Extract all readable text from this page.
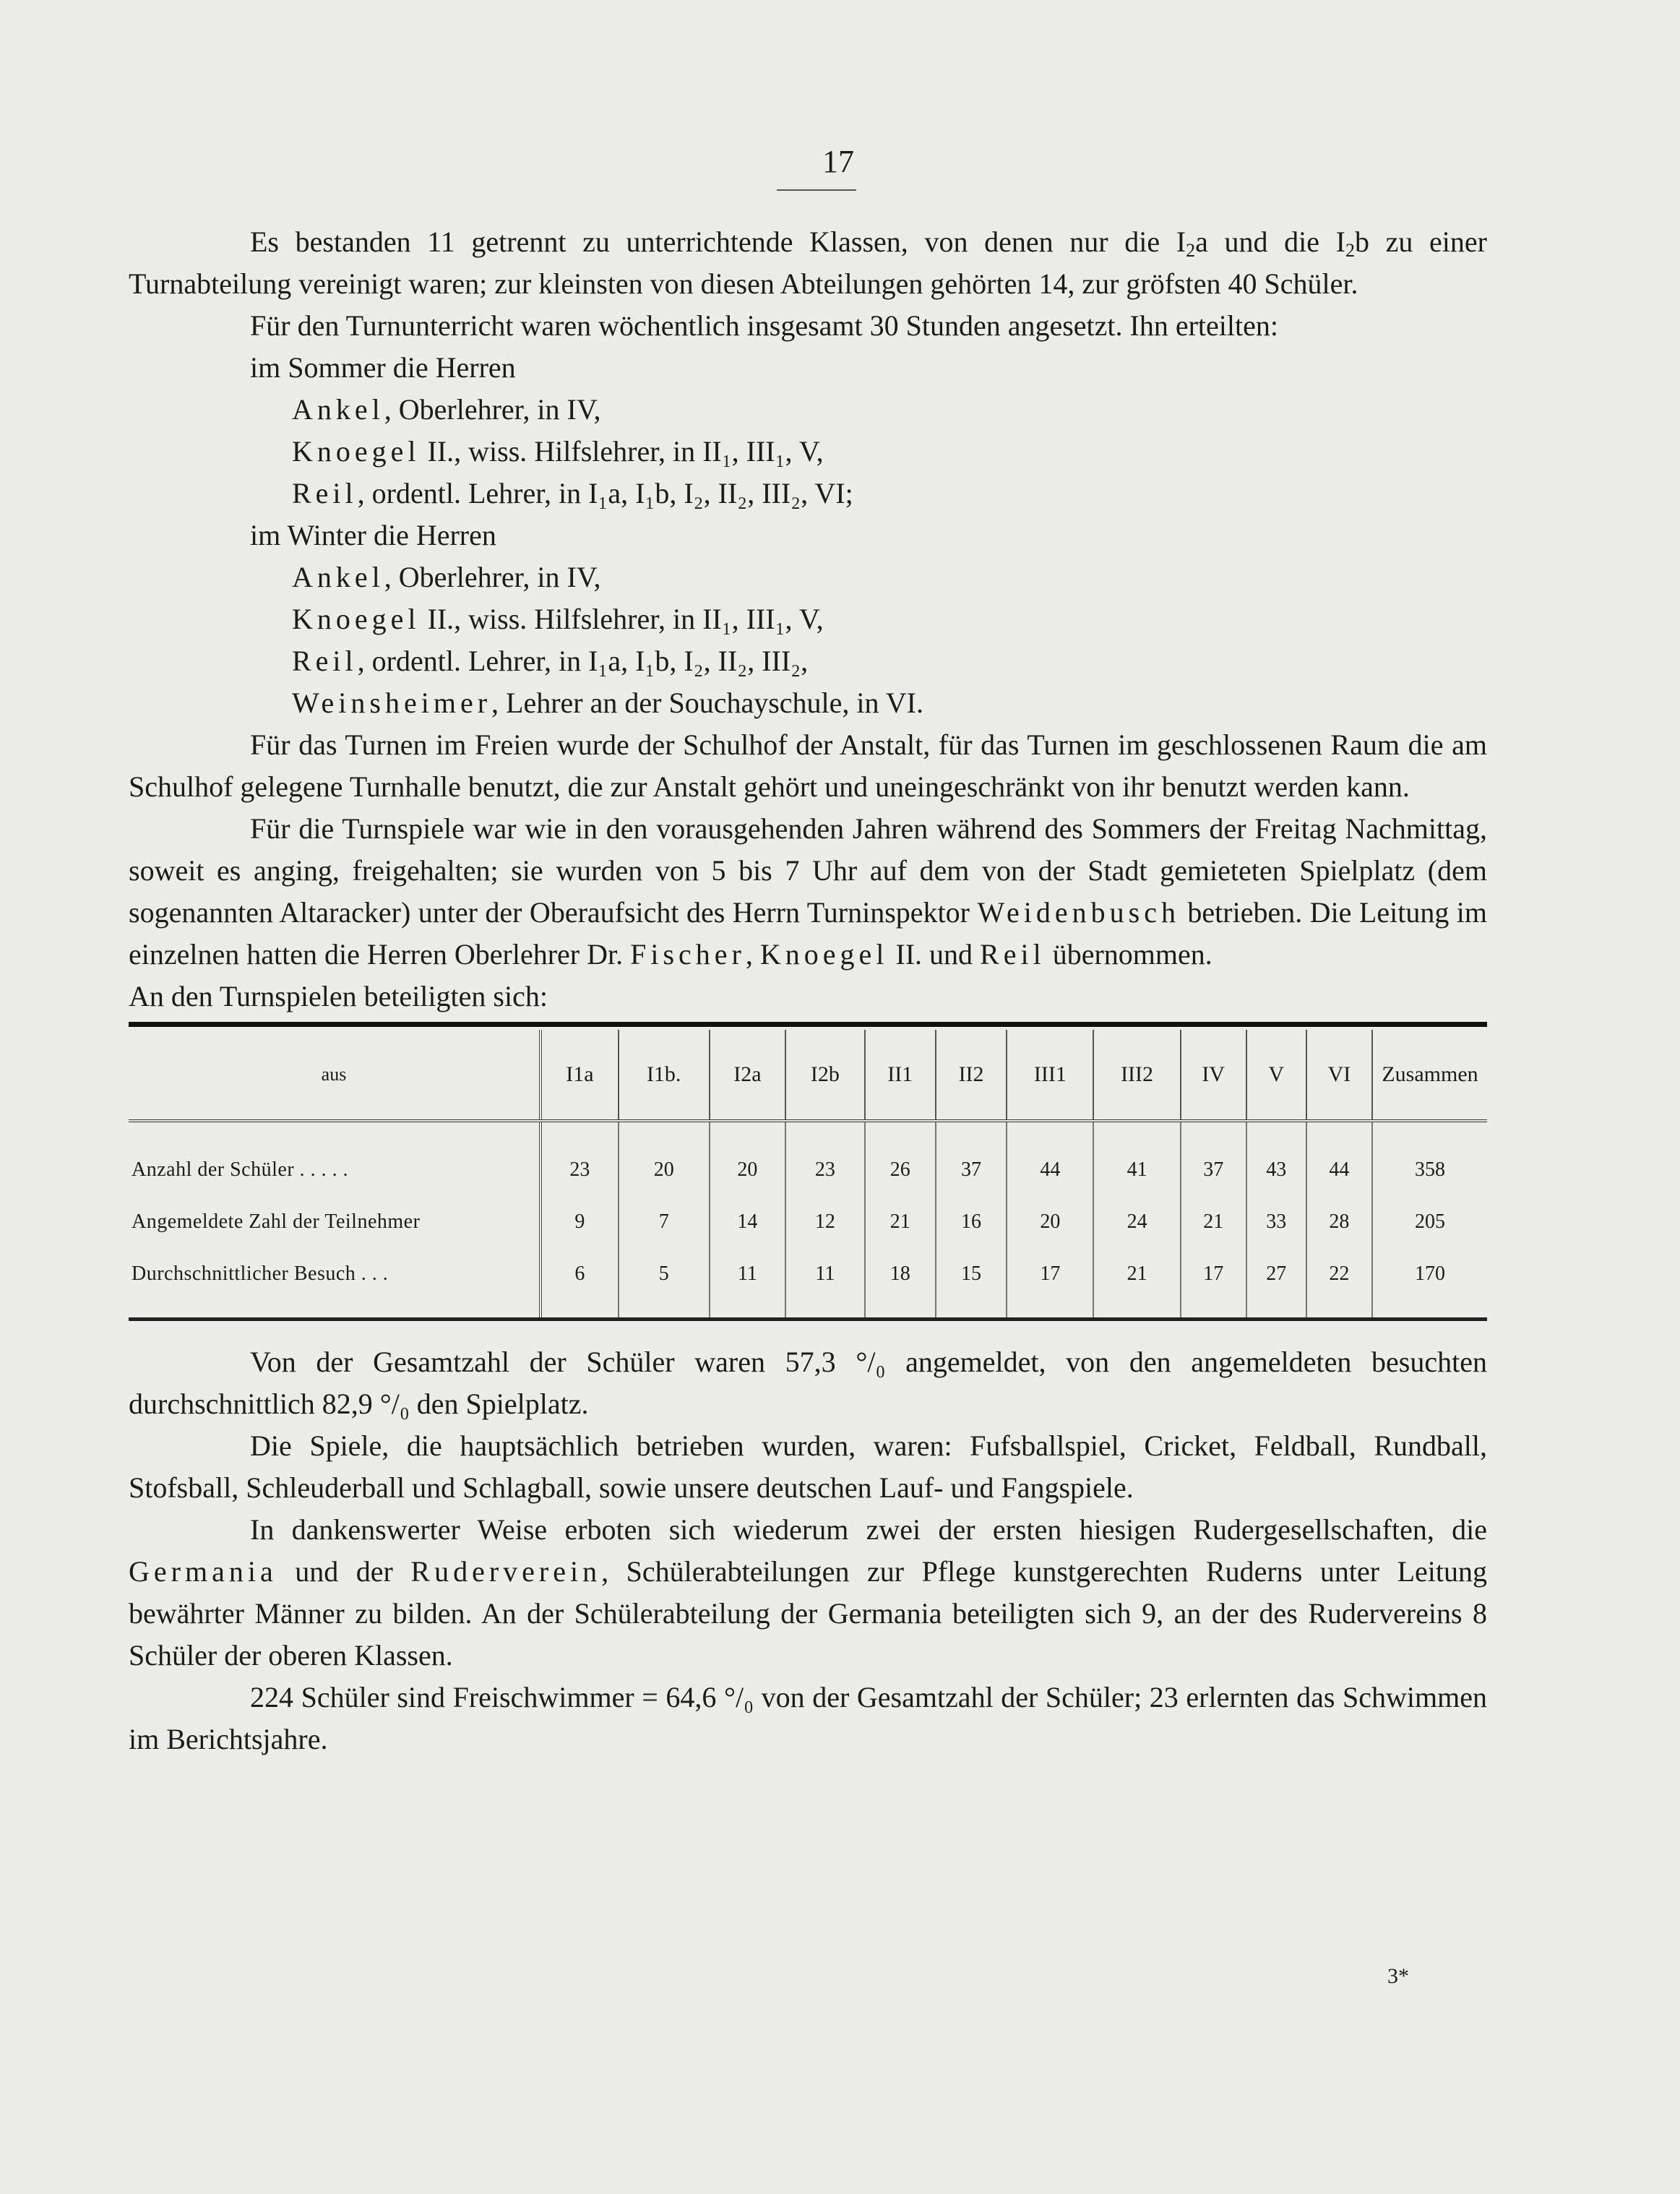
17

Es bestanden 11 getrennt zu unterrichtende Klassen, von denen nur die $I_2a$ und die $I_2b$ zu einer Turnabteilung vereinigt waren; zur kleinsten von diesen Abteilungen gehörten 14, zur gröfsten 40 Schüler.

Für den Turnunterricht waren wöchentlich insgesamt 30 Stunden angesetzt. Ihn erteilten:

im Sommer die Herren
Ankel, Oberlehrer, in IV,
Knoegel II., wiss. Hilfslehrer, in II₁, III₁, V,
Reil, ordentl. Lehrer, in I₁a, I₁b, I₂, II₂, III₂, VI;
im Winter die Herren
Ankel, Oberlehrer, in IV,
Knoegel II., wiss. Hilfslehrer, in II₁, III₁, V,
Reil, ordentl. Lehrer, in I₁a, I₁b, I₂, II₂, III₂,
Weinsheimer, Lehrer an der Souchayschule, in VI.

Für das Turnen im Freien wurde der Schulhof der Anstalt, für das Turnen im geschlossenen Raum die am Schulhof gelegene Turnhalle benutzt, die zur Anstalt gehört und uneingeschränkt von ihr benutzt werden kann.

Für die Turnspiele war wie in den vorausgehenden Jahren während des Sommers der Freitag Nachmittag, soweit es anging, freigehalten; sie wurden von 5 bis 7 Uhr auf dem von der Stadt gemieteten Spielplatz (dem sogenannten Altaracker) unter der Oberaufsicht des Herrn Turninspektor Weidenbusch betrieben. Die Leitung im einzelnen hatten die Herren Oberlehrer Dr. Fischer, Knoegel II. und Reil übernommen.

An den Turnspielen beteiligten sich:

aus	I1a	I1b.	I2a	I2b	II1	II2	III1	III2	IV	V	VI	Zusammen
Anzahl der Schüler . . . . .	23	20	20	23	26	37	44	41	37	43	44	358
Angemeldete Zahl der Teilnehmer	9	7	14	12	21	16	20	24	21	33	28	205
Durchschnittlicher Besuch . . .	6	5	11	11	18	15	17	21	17	27	22	170

Von der Gesamtzahl der Schüler waren 57,3 °/₀ angemeldet, von den angemeldeten besuchten durchschnittlich 82,9 °/₀ den Spielplatz.

Die Spiele, die hauptsächlich betrieben wurden, waren: Fufsballspiel, Cricket, Feldball, Rundball, Stofsball, Schleuderball und Schlagball, sowie unsere deutschen Lauf- und Fangspiele.

In dankenswerter Weise erboten sich wiederum zwei der ersten hiesigen Rudergesellschaften, die Germania und der Ruderverein, Schülerabteilungen zur Pflege kunstgerechten Ruderns unter Leitung bewährter Männer zu bilden. An der Schülerabteilung der Germania beteiligten sich 9, an der des Rudervereins 8 Schüler der oberen Klassen.

224 Schüler sind Freischwimmer = 64,6 °/₀ von der Gesamtzahl der Schüler; 23 erlernten das Schwimmen im Berichtsjahre.

3*
